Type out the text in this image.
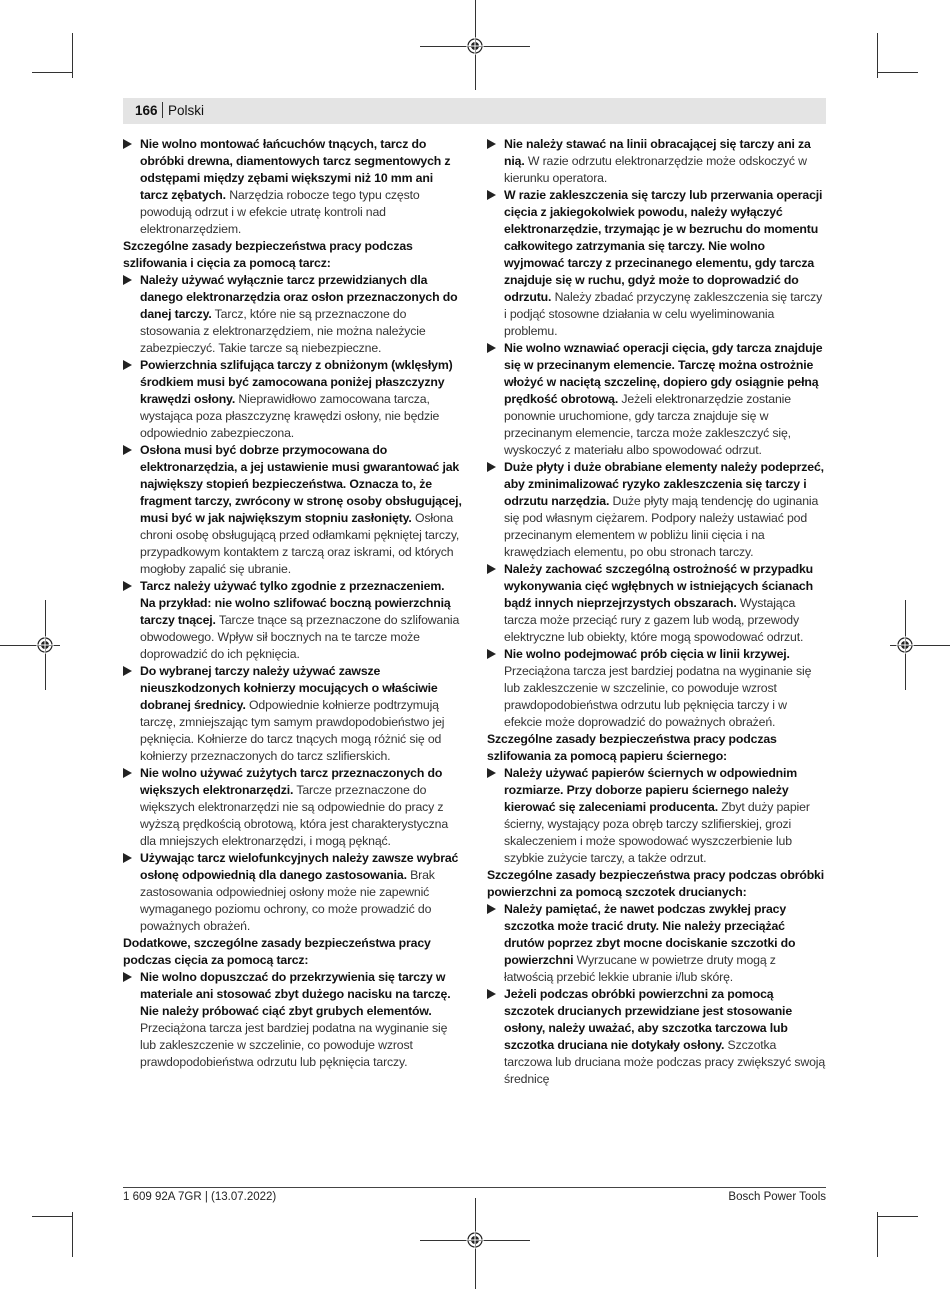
166 Polski

Nie wolno montować łańcuchów tnących, tarcz do obróbki drewna, diamentowych tarcz segmentowych z odstępami między zębami większymi niż 10 mm ani tarcz zębatych. Narzędzia robocze tego typu często powodują odrzut i w efekcie utratę kontroli nad elektronarzędziem.

Szczególne zasady bezpieczeństwa pracy podczas szlifowania i cięcia za pomocą tarcz:

Należy używać wyłącznie tarcz przewidzianych dla danego elektronarzędzia oraz osłon przeznaczonych do danej tarczy. Tarcz, które nie są przeznaczone do stosowania z elektronarzędziem, nie można należycie zabezpieczyć. Takie tarcze są niebezpieczne.

Powierzchnia szlifująca tarczy z obniżonym (wklęsłym) środkiem musi być zamocowana poniżej płaszczyzny krawędzi osłony. Nieprawidłowo zamocowana tarcza, wystająca poza płaszczyznę krawędzi osłony, nie będzie odpowiednio zabezpieczona.

Osłona musi być dobrze przymocowana do elektronarzędzia, a jej ustawienie musi gwarantować jak największy stopień bezpieczeństwa. Oznacza to, że fragment tarczy, zwrócony w stronę osoby obsługującej, musi być w jak największym stopniu zasłonięty. Osłona chroni osobę obsługującą przed odłamkami pękniętej tarczy, przypadkowym kontaktem z tarczą oraz iskrami, od których mogłoby zapalić się ubranie.

Tarcz należy używać tylko zgodnie z przeznaczeniem. Na przykład: nie wolno szlifować boczną powierzchnią tarczy tnącej. Tarcze tnące są przeznaczone do szlifowania obwodowego. Wpływ sił bocznych na te tarcze może doprowadzić do ich pęknięcia.

Do wybranej tarczy należy używać zawsze nieuszkodzonych kołnierzy mocujących o właściwie dobranej średnicy. Odpowiednie kołnierze podtrzymują tarczę, zmniejszając tym samym prawdopodobieństwo jej pęknięcia. Kołnierze do tarcz tnących mogą różnić się od kołnierzy przeznaczonych do tarcz szlifierskich.

Nie wolno używać zużytych tarcz przeznaczonych do większych elektronarzędzi. Tarcze przeznaczone do większych elektronarzędzi nie są odpowiednie do pracy z wyższą prędkością obrotową, która jest charakterystyczna dla mniejszych elektronarzędzi, i mogą pęknąć.

Używając tarcz wielofunkcyjnych należy zawsze wybrać osłonę odpowiednią dla danego zastosowania. Brak zastosowania odpowiedniej osłony może nie zapewnić wymaganego poziomu ochrony, co może prowadzić do poważnych obrażeń.

Dodatkowe, szczególne zasady bezpieczeństwa pracy podczas cięcia za pomocą tarcz:

Nie wolno dopuszczać do przekrzywienia się tarczy w materiale ani stosować zbyt dużego nacisku na tarczę. Nie należy próbować ciąć zbyt grubych elementów. Przeciążona tarcza jest bardziej podatna na wyginanie się lub zakleszczenie w szczelinie, co powoduje wzrost prawdopodobieństwa odrzutu lub pęknięcia tarczy.

Nie należy stawać na linii obracającej się tarczy ani za nią. W razie odrzutu elektronarzędzie może odskoczyć w kierunku operatora.

W razie zakleszczenia się tarczy lub przerwania operacji cięcia z jakiegokolwiek powodu, należy wyłączyć elektronarzędzie, trzymając je w bezruchu do momentu całkowitego zatrzymania się tarczy. Nie wolno wyjmować tarczy z przecinanego elementu, gdy tarcza znajduje się w ruchu, gdyż może to doprowadzić do odrzutu. Należy zbadać przyczynę zakleszczenia się tarczy i podjąć stosowne działania w celu wyeliminowania problemu.

Nie wolno wznawiać operacji cięcia, gdy tarcza znajduje się w przecinanym elemencie. Tarczę można ostrożnie włożyć w naciętą szczelinę, dopiero gdy osiągnie pełną prędkość obrotową. Jeżeli elektronarzędzie zostanie ponownie uruchomione, gdy tarcza znajduje się w przecinanym elemencie, tarcza może zakleszczyć się, wyskoczyć z materiału albo spowodować odrzut.

Duże płyty i duże obrabiane elementy należy podeprzeć, aby zminimalizować ryzyko zakleszczenia się tarczy i odrzutu narzędzia. Duże płyty mają tendencję do uginania się pod własnym ciężarem. Podpory należy ustawiać pod przecinanym elementem w pobliżu linii cięcia i na krawędziach elementu, po obu stronach tarczy.

Należy zachować szczególną ostrożność w przypadku wykonywania cięć wgłębnych w istniejących ścianach bądź innych nieprzejrzystych obszarach. Wystająca tarcza może przeciąć rury z gazem lub wodą, przewody elektryczne lub obiekty, które mogą spowodować odrzut.

Nie wolno podejmować prób cięcia w linii krzywej. Przeciążona tarcza jest bardziej podatna na wyginanie się lub zakleszczenie w szczelinie, co powoduje wzrost prawdopodobieństwa odrzutu lub pęknięcia tarczy i w efekcie może doprowadzić do poważnych obrażeń.

Szczególne zasady bezpieczeństwa pracy podczas szlifowania za pomocą papieru ściernego:

Należy używać papierów ściernych w odpowiednim rozmiarze. Przy doborze papieru ściernego należy kierować się zaleceniami producenta. Zbyt duży papier ścierny, wystający poza obręb tarczy szlifierskiej, grozi skaleczeniem i może spowodować wyszczerbienie lub szybkie zużycie tarczy, a także odrzut.

Szczególne zasady bezpieczeństwa pracy podczas obróbki powierzchni za pomocą szczotek drucianych:

Należy pamiętać, że nawet podczas zwykłej pracy szczotka może tracić druty. Nie należy przeciążać drutów poprzez zbyt mocne dociskanie szczotki do powierzchni Wyrzucane w powietrze druty mogą z łatwością przebić lekkie ubranie i/lub skórę.

Jeżeli podczas obróbki powierzchni za pomocą szczotek drucianych przewidziane jest stosowanie osłony, należy uważać, aby szczotka tarczowa lub szczotka druciana nie dotykały osłony. Szczotka tarczowa lub druciana może podczas pracy zwiększyć swoją średnicę

1 609 92A 7GR | (13.07.2022)	Bosch Power Tools
